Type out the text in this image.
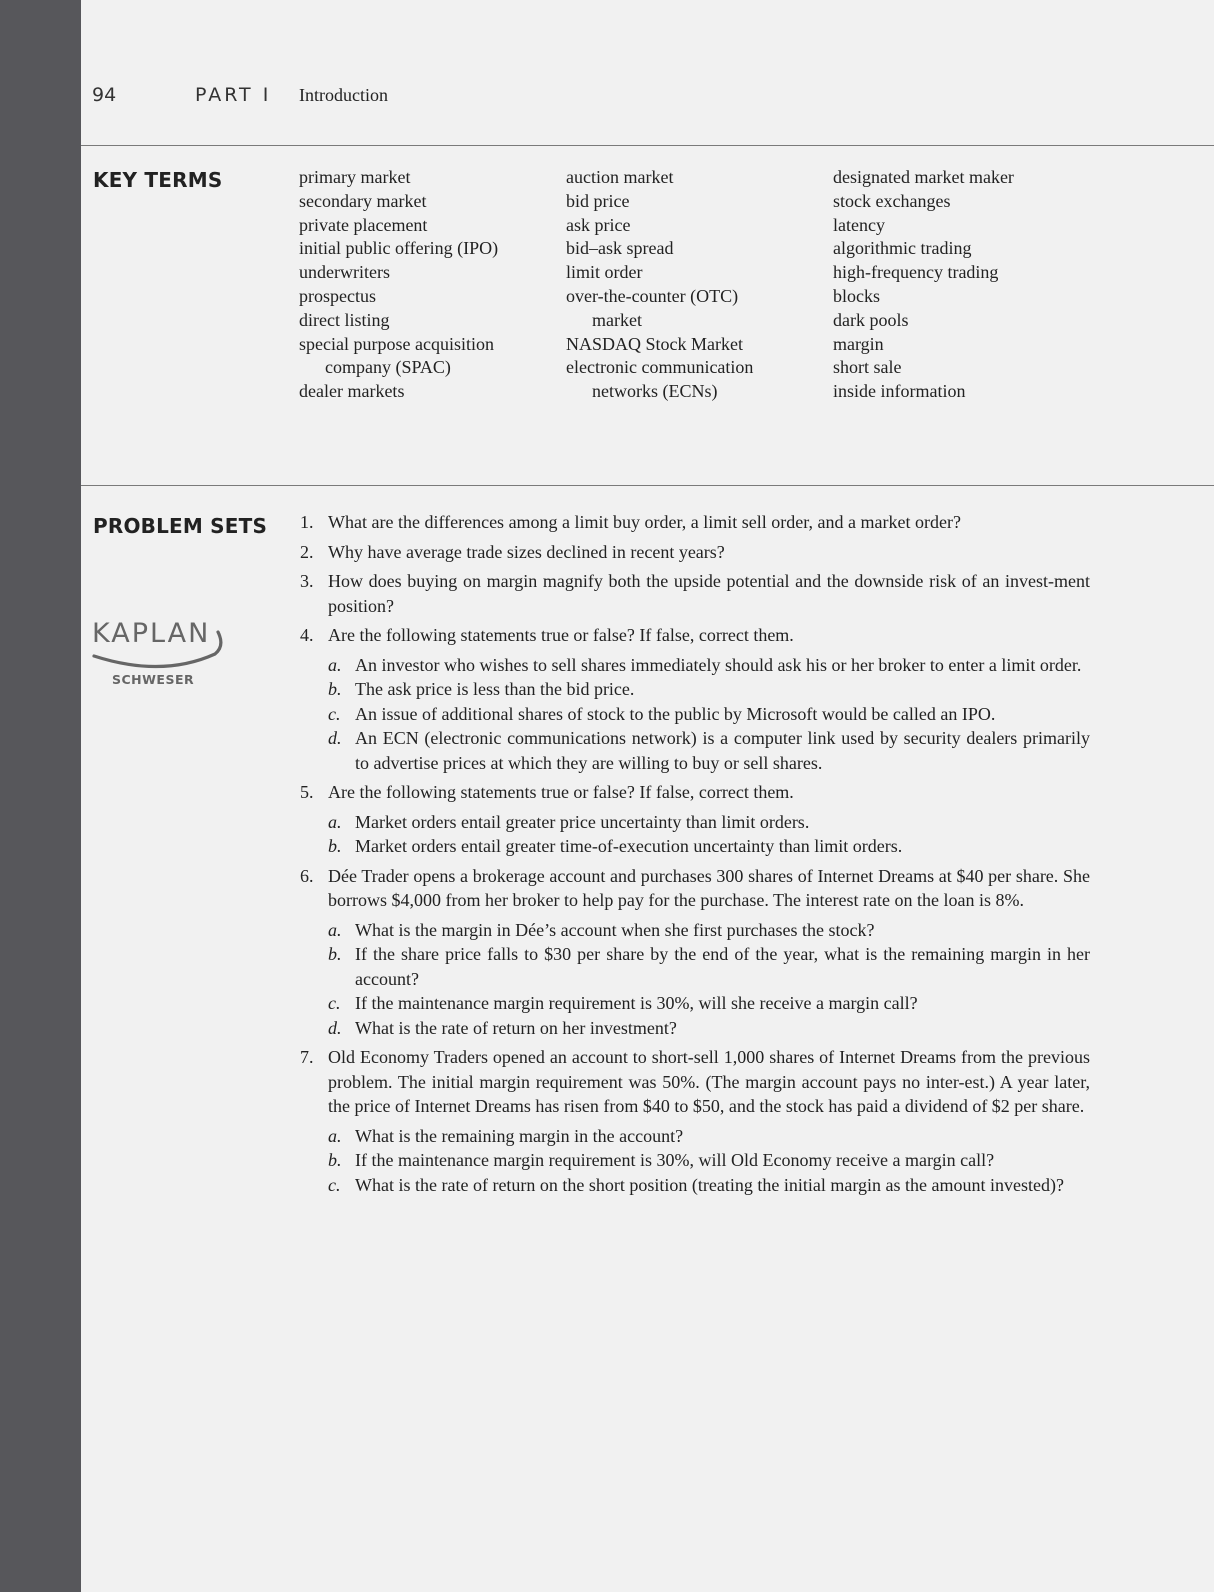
94	PART I Introduction
KEY TERMS	primary market
secondary market
private placement
initial public offering (IPO)
underwriters
prospectus
direct listing
special purpose acquisition
company (SPAC)
dealer markets
auction market
bid price
ask price
bid–ask spread
limit order
over-the-counter (OTC)
market
NASDAQ Stock Market
electronic communication
networks (ECNs)
designated market maker
stock exchanges
latency
algorithmic trading
high-frequency trading
blocks
dark pools
margin
short sale
inside information
PROBLEM SETS
KAPLAN
SCHWESER
1. What are the differences among a limit buy order, a limit sell order, and a market order?
2. Why have average trade sizes declined in recent years?
3. How does buying on margin magnify both the upside potential and the downside risk of an invest-ment position?
4. Are the following statements true or false? If false, correct them.
a. An investor who wishes to sell shares immediately should ask his or her broker to enter a limit order.
b. The ask price is less than the bid price.
c. An issue of additional shares of stock to the public by Microsoft would be called an IPO.
d. An ECN (electronic communications network) is a computer link used by security dealers primarily to advertise prices at which they are willing to buy or sell shares.
5. Are the following statements true or false? If false, correct them.
a. Market orders entail greater price uncertainty than limit orders.
b. Market orders entail greater time-of-execution uncertainty than limit orders.
6. Dée Trader opens a brokerage account and purchases 300 shares of Internet Dreams at $40 per share. She borrows $4,000 from her broker to help pay for the purchase. The interest rate on the loan is 8%.
a. What is the margin in Dée’s account when she first purchases the stock?
b. If the share price falls to $30 per share by the end of the year, what is the remaining margin in her account?
c. If the maintenance margin requirement is 30%, will she receive a margin call?
d. What is the rate of return on her investment?
7. Old Economy Traders opened an account to short-sell 1,000 shares of Internet Dreams from the previous problem. The initial margin requirement was 50%. (The margin account pays no inter-est.) A year later, the price of Internet Dreams has risen from $40 to $50, and the stock has paid a dividend of $2 per share.
a. What is the remaining margin in the account?
b. If the maintenance margin requirement is 30%, will Old Economy receive a margin call?
c. What is the rate of return on the short position (treating the initial margin as the amount invested)?
